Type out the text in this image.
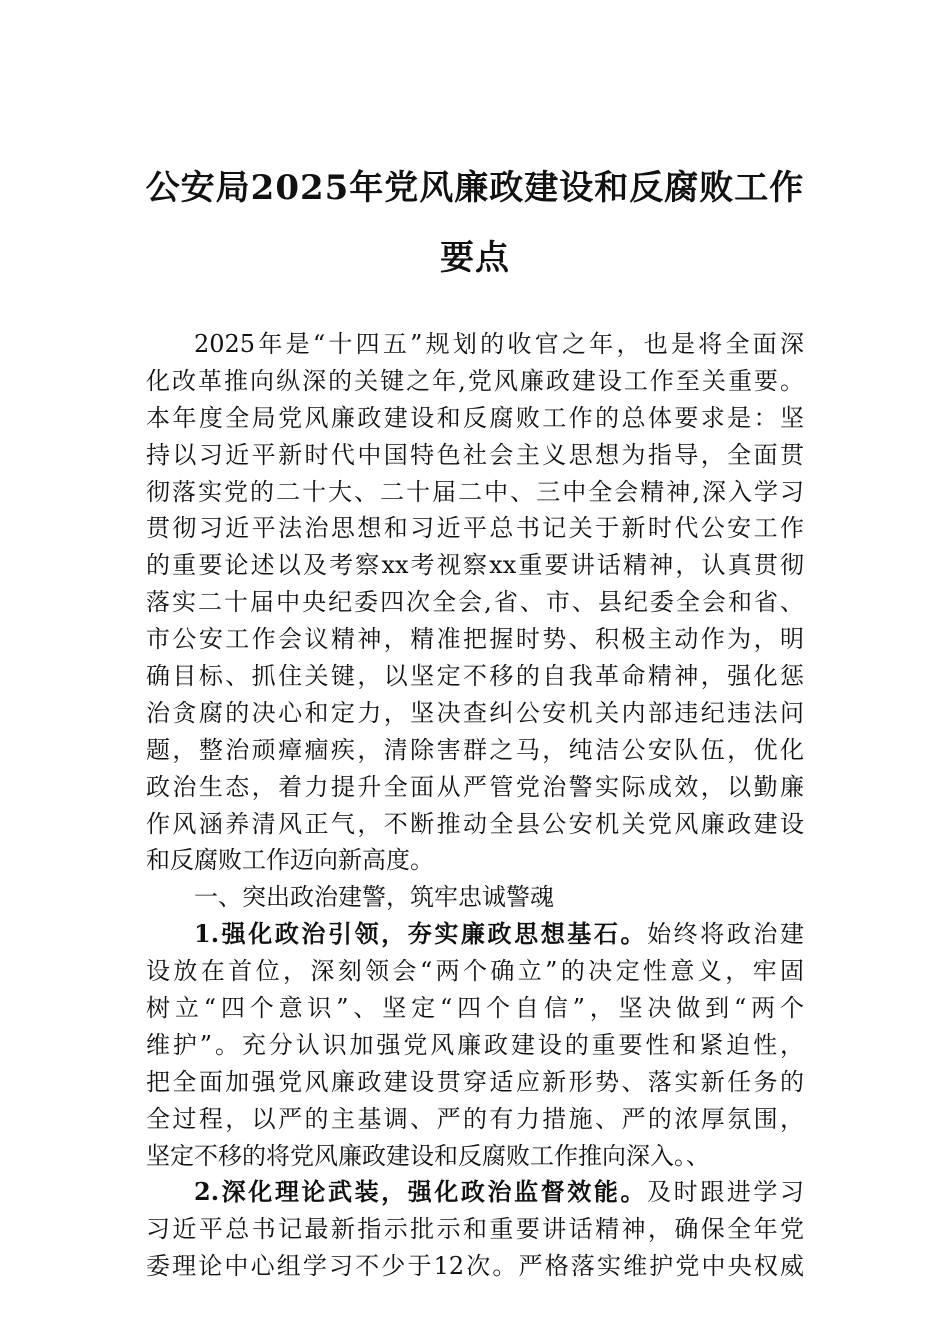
公安局2025年党风廉政建设和反腐败工作
要点
2025年是“十四五”规划的收官之年，也是将全面深
化改革推向纵深的关键之年,党风廉政建设工作至关重要。
本年度全局党风廉政建设和反腐败工作的总体要求是：坚
持以习近平新时代中国特色社会主义思想为指导，全面贯
彻落实党的二十大、二十届二中、三中全会精神,深入学习
贯彻习近平法治思想和习近平总书记关于新时代公安工作
的重要论述以及考察xx考视察xx重要讲话精神，认真贯彻
落实二十届中央纪委四次全会,省、市、县纪委全会和省、
市公安工作会议精神，精准把握时势、积极主动作为，明
确目标、抓住关键，以坚定不移的自我革命精神，强化惩
治贪腐的决心和定力，坚决查纠公安机关内部违纪违法问
题，整治顽瘴痼疾，清除害群之马，纯洁公安队伍，优化
政治生态，着力提升全面从严管党治警实际成效，以勤廉
作风涵养清风正气，不断推动全县公安机关党风廉政建设
和反腐败工作迈向新高度。
一、突出政治建警，筑牢忠诚警魂
1.强化政治引领，夯实廉政思想基石。始终将政治建
设放在首位，深刻领会“两个确立”的决定性意义，牢固
树立“四个意识”、坚定“四个自信”，坚决做到“两个
维护”。充分认识加强党风廉政建设的重要性和紧迫性，
把全面加强党风廉政建设贯穿适应新形势、落实新任务的
全过程，以严的主基调、严的有力措施、严的浓厚氛围，
坚定不移的将党风廉政建设和反腐败工作推向深入。、
2.深化理论武装，强化政治监督效能。及时跟进学习
习近平总书记最新指示批示和重要讲话精神，确保全年党
委理论中心组学习不少于12次。严格落实维护党中央权威
